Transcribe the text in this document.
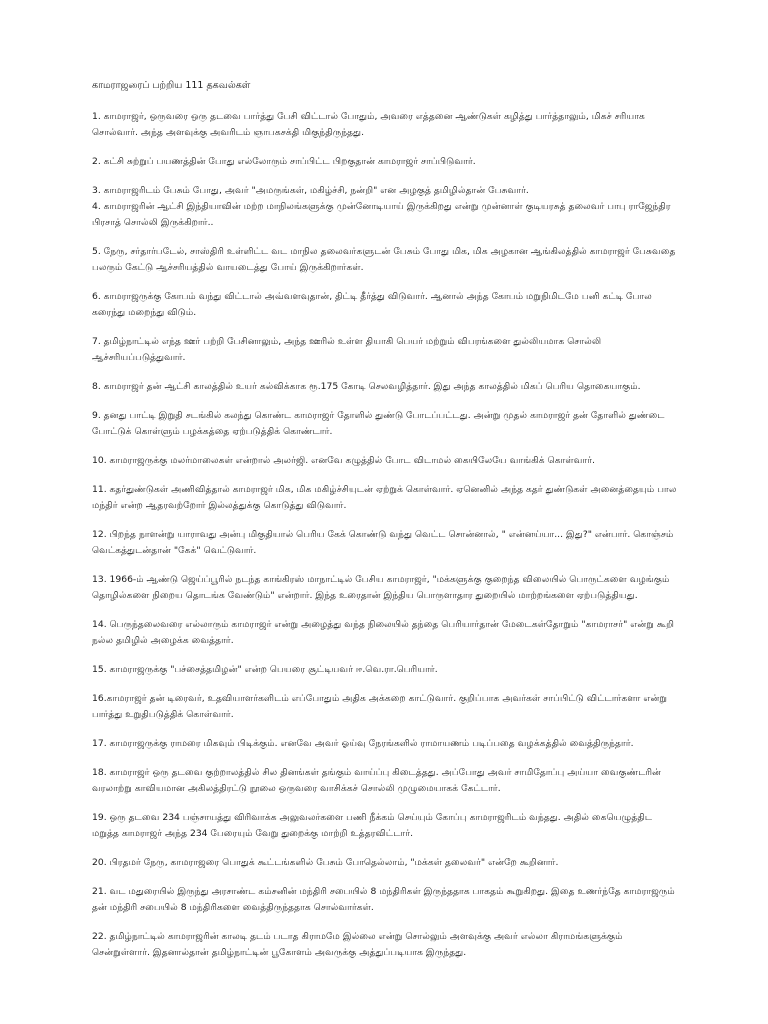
காமராஜரைப் பற்றிய 111 தகவல்கள்

1. காமராஜர், ஒருவரை ஒரு தடவை பார்த்து பேசி விட்டால் போதும், அவரை எத்தனை ஆண்டுகள் கழித்து பார்த்தாலும், மிகச் சரியாக சொல்வார். அந்த அளவுக்கு அவரிடம் ஞாபகசக்தி மிகுந்திருந்தது.

2. கட்சி சுற்றுப் பயணத்தின் போது எல்லோரும் சாப்பிட்ட பிறகுதான் காமராஜர் சாப்பிடுவார்.

3. காமராஜரிடம் பேசும் போது, அவர் "அமருங்கள், மகிழ்ச்சி, நன்றி" என அழகுத் தமிழில்தான் பேசுவார்.

4. காமராஜரின் ஆட்சி இந்தியாவின் மற்ற மாநிலங்களுக்கு முன்னோடியாய் இருக்கிறது என்று முன்னாள் குடியரசுத் தலைவர் பாபு ராஜேந்திர பிரசாத் சொல்லி இருக்கிறார்..

5. நேரு, சர்தார்படேல், சாஸ்திரி உள்ளிட்ட வட மாநில தலைவர்களுடன் பேசும் போது மிக, மிக அழகான ஆங்கிலத்தில் காமராஜர் பேசுவதை பலரும் கேட்டு ஆச்சரியத்தில் வாயடைத்து போய் இருக்கிறார்கள்.

6. காமராஜருக்கு கோபம் வந்து விட்டால் அவ்வளவுதான், திட்டி தீர்த்து விடுவார். ஆனால் அந்த கோபம் மறுநிமிடமே பனி கட்டி போல கரைந்து மறைந்து விடும்.

7. தமிழ்நாட்டில் எந்த ஊர் பற்றி பேசினாலும், அந்த ஊரில் உள்ள தியாகி பெயர் மற்றும் விபரங்களை துல்லியமாக சொல்லி ஆச்சரியப்படுத்துவார்.

8. காமராஜர் தன் ஆட்சி காலத்தில் உயர் கல்விக்காக ரூ.175 கோடி செலவழித்தார். இது அந்த காலத்தில் மிகப் பெரிய தொகையாகும்.

9. தனது பாட்டி இறுதி சடங்கில் கலந்து கொண்ட காமராஜர் தோளில் துண்டு போடப்பட்டது. அன்று முதல் காமராஜர் தன் தோளில் துண்டை போட்டுக் கொள்ளும் பழக்கத்தை ஏற்படுத்திக் கொண்டார்.

10. காமராஜருக்கு மலர்மாலைகள் என்றால் அலர்ஜி. எனவே கழுத்தில் போட விடாமல் கையிலேயே வாங்கிக் கொள்வார்.

11. கதர்துண்டுகள் அணிவித்தால் காமராஜர் மிக, மிக மகிழ்ச்சியுடன் ஏற்றுக் கொள்வார். ஏனெனில் அந்த கதர் துண்டுகள் அனைத்தையும் பால மந்திர் என்ற ஆதரவற்றோர் இல்லத்துக்கு கொடுத்து விடுவார்.

12. பிறந்த நாளன்று யாராவது அன்பு மிகுதியால் பெரிய கேக் கொண்டு வந்து வெட்ட சொன்னால், " என்னய்யா... இது?" என்பார். கொஞ்சம் வெட்கத்துடன்தான் "கேக்" வெட்டுவார்.

13. 1966-ம் ஆண்டு ஜெய்ப்பூரில் நடந்த காங்கிரஸ் மாநாட்டில் பேசிய காமராஜர், "மக்களுக்கு குறைந்த விலையில் பொருட்களை வழங்கும் தொழில்களை நிறைய தொடங்க வேண்டும்" என்றார். இந்த உரைதான் இந்திய பொருளாதார துறையில் மாற்றங்களை ஏற்படுத்தியது.

14. பெருந்தலைவரை எல்லாரும் காமராஜர் என்று அழைத்து வந்த நிலையில் தந்தை பெரியார்தான் மேடைகள்தோறும் "காமராசர்" என்று கூறி நல்ல தமிழில் அழைக்க வைத்தார்.

15. காமராஜருக்கு "பச்சைத்தமிழன்" என்ற பெயரை சூட்டியவர் ஈ.வெ.ரா.பெரியார்.

16.காமராஜர் தன் டிரைவர், உதவியாளர்களிடம் எப்போதும் அதிக அக்கறை காட்டுவார். குறிப்பாக அவர்கள் சாப்பிட்டு விட்டார்களா என்று பார்த்து உறுதிபடுத்திக் கொள்வார்.

17. காமராஜருக்கு ராமரை மிகவும் பிடிக்கும். எனவே அவர் ஓய்வு நேரங்களில் ராமாயணம் படிப்பதை வழக்கத்தில் வைத்திருந்தார்.

18. காமராஜர் ஒரு தடவை குற்றாலத்தில் சில தினங்கள் தங்கும் வாய்ப்பு கிடைத்தது. அப்போது அவர் சாமிதோப்பு அய்யா வைகுண்டரின் வரலாற்று காவியமான அகிலத்திரட்டு நூலை ஒருவரை வாசிக்கச் சொல்லி முழுமையாகக் கேட்டார்.

19. ஒரு தடவை 234 பஞ்சாயத்து விரிவாக்க அலுவலர்களை பணி நீக்கம் செய்யும் கோப்பு காமராஜரிடம் வந்தது. அதில் கையெழுத்திட மறுத்த காமராஜர் அந்த 234 பேரையும் வேறு துறைக்கு மாற்றி உத்தரவிட்டார்.

20. பிரதமர் நேரு, காமராஜரை பொதுக் கூட்டங்களில் பேசும் போதெல்லாம், "மக்கள் தலைவர்" என்றே கூறினார்.

21. வட மதுரையில் இருந்து அரசாண்ட கம்சனின் மந்திரி சபையில் 8 மந்திரிகள் இருந்ததாக பாகதம் கூறுகிறது. இதை உணர்ந்தே காமராஜரும் தன் மந்திரி சபையில் 8 மந்திரிகளை வைத்திருந்ததாக சொல்வார்கள்.

22. தமிழ்நாட்டில் காமராஜரின் காலடி தடம் படாத கிராமமே இல்லை என்று சொல்லும் அளவுக்கு அவர் எல்லா கிராமங்களுக்கும் சென்றுள்ளார். இதனால்தான் தமிழ்நாட்டின் பூகோளம் அவருக்கு அத்துப்படியாக இருந்தது.
